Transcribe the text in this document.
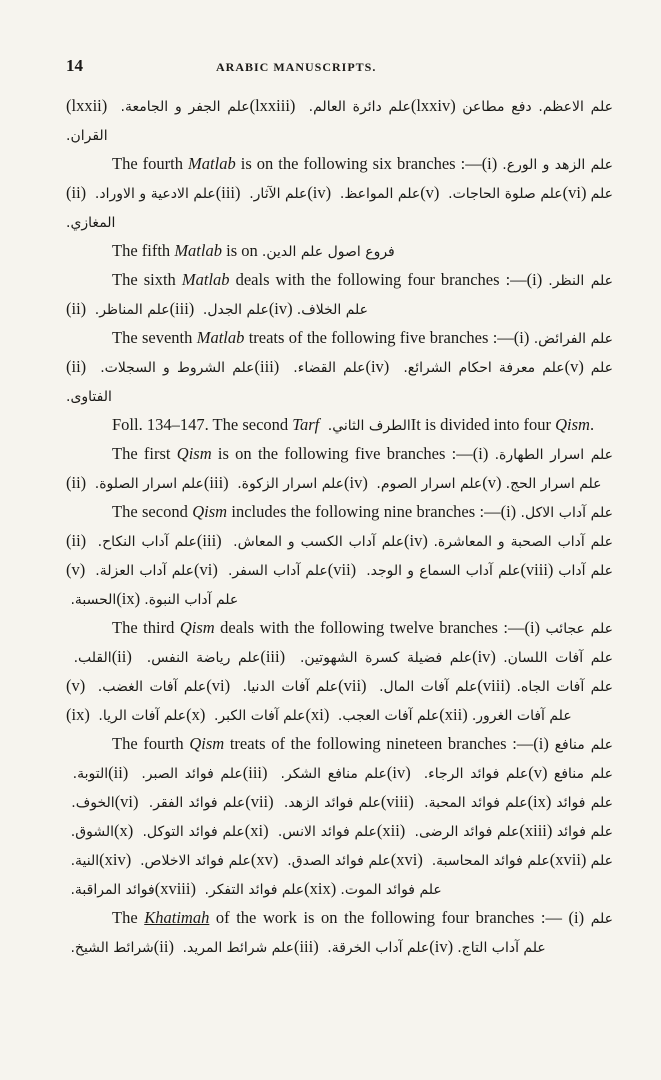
14	ARABIC MANUSCRIPTS.

(lxxii) علم الجفر و الجامعة. (lxxiii) علم دائرة العالم. (lxxiv) علم الاعظم. دفع مطاعن القران.

The fourth Matlab is on the following six branches :—(i) علم الزهد و الورع. (ii) علم الادعية و الاوراد. (iii) علم الآثار. (iv) علم المواعظ. (v) علم صلوة الحاجات. (vi) علم المغازي.

The fifth Matlab is on فروع اصول علم الدين.

The sixth Matlab deals with the following four branches :—(i) علم النظر. (ii) علم المناظر. (iii) علم الجدل. (iv) علم الخلاف.

The seventh Matlab treats of the following five branches :—(i) علم الفرائض. (ii) علم الشروط و السجلات. (iii) علم القضاء. (iv) علم معرفة احكام الشرائع. (v) علم الفتاوى.

Foll. 134–147. The second Tarf الطرف الثاني. It is divided into four Qism.

The first Qism is on the following five branches :—(i) علم اسرار الطهارة. (ii) علم اسرار الصلوة. (iii) علم اسرار الزكوة. (iv) علم اسرار الصوم. (v) علم اسرار الحج.

The second Qism includes the following nine branches :—(i) علم آداب الاكل. (ii) علم آداب النكاح. (iii) علم آداب الكسب و المعاش. (iv) علم آداب الصحبة و المعاشرة. (v) علم آداب العزلة. (vi) علم آداب السفر. (vii) علم آداب السماع و الوجد. (viii) علم آداب الحسبة. (ix) علم آداب النبوة.

The third Qism deals with the following twelve branches :—(i) علم عجائب القلب. (ii) علم رياضة النفس. (iii) علم فضيلة كسرة الشهوتين. (iv) علم آفات اللسان. (v) علم آفات الغضب. (vi) علم آفات الدنيا. (vii) علم آفات المال. (viii) علم آفات الجاه. (ix) علم آفات الريا. (x) علم آفات الكبر. (xi) علم آفات العجب. (xii) علم آفات الغرور.

The fourth Qism treats of the following nineteen branches :—(i) علم منافع التوبة. (ii) علم فوائد الصبر. (iii) علم منافع الشكر. (iv) علم فوائد الرجاء. (v) علم منافع الخوف. (vi) علم فوائد الفقر. (vii) علم فوائد الزهد. (viii) علم فوائد المحبة. (ix) علم فوائد الشوق. (x) علم فوائد التوكل. (xi) علم فوائد الانس. (xii) علم فوائد الرضى. (xiii) علم فوائد النية. (xiv) علم فوائد الاخلاص. (xv) علم فوائد الصدق. (xvi) علم فوائد المحاسبة. (xvii) علم فوائد المراقبة. (xviii) علم فوائد التفكر. (xix) علم فوائد الموت.

The Khatimah of the work is on the following four branches :— (i) علم شرائط الشيخ. (ii) علم شرائط المريد. (iii) علم آداب الخرقة. (iv) علم آداب التاج.
